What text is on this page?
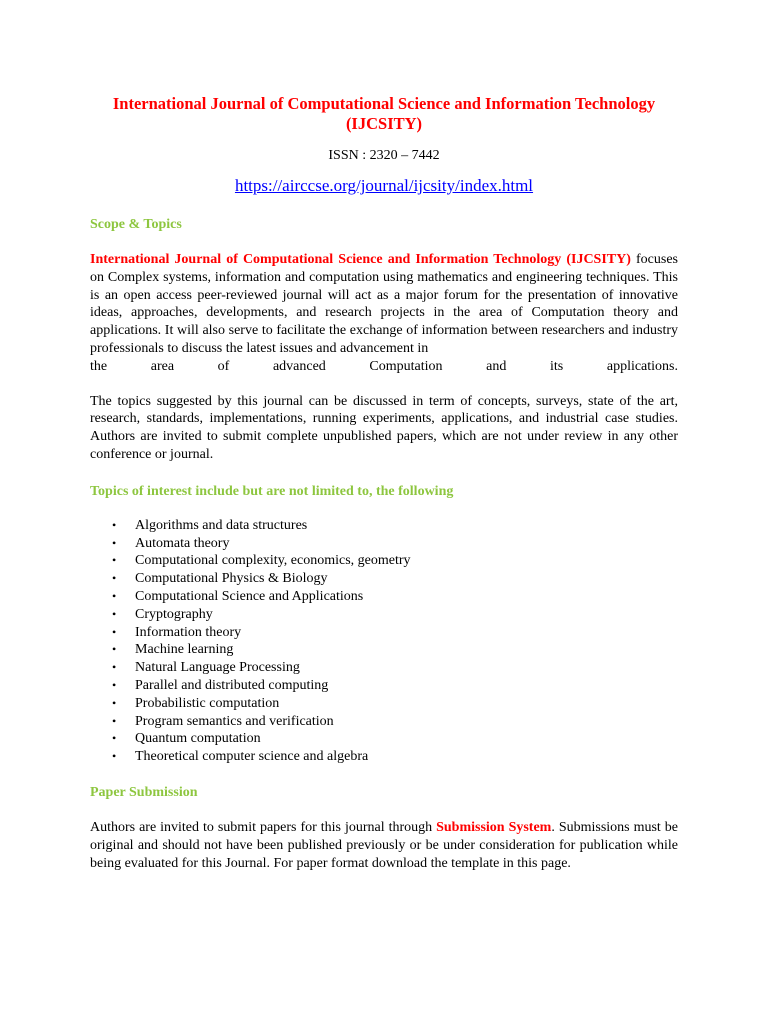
International Journal of Computational Science and Information Technology
(IJCSITY)

ISSN : 2320 – 7442

https://airccse.org/journal/ijcsity/index.html

Scope & Topics

International Journal of Computational Science and Information Technology (IJCSITY) focuses on Complex systems, information and computation using mathematics and engineering techniques. This is an open access peer-reviewed journal will act as a major forum for the presentation of innovative ideas, approaches, developments, and research projects in the area of Computation theory and applications. It will also serve to facilitate the exchange of information between researchers and industry professionals to discuss the latest issues and advancement in
the area of advanced Computation and its applications.

The topics suggested by this journal can be discussed in term of concepts, surveys, state of the art, research, standards, implementations, running experiments, applications, and industrial case studies. Authors are invited to submit complete unpublished papers, which are not under review in any other conference or journal.

Topics of interest include but are not limited to, the following
• Algorithms and data structures
• Automata theory
• Computational complexity, economics, geometry
• Computational Physics & Biology
• Computational Science and Applications
• Cryptography
• Information theory
• Machine learning
• Natural Language Processing
• Parallel and distributed computing
• Probabilistic computation
• Program semantics and verification
• Quantum computation
• Theoretical computer science and algebra
Paper Submission

Authors are invited to submit papers for this journal through Submission System. Submissions must be original and should not have been published previously or be under consideration for publication while being evaluated for this Journal. For paper format download the template in this page.
